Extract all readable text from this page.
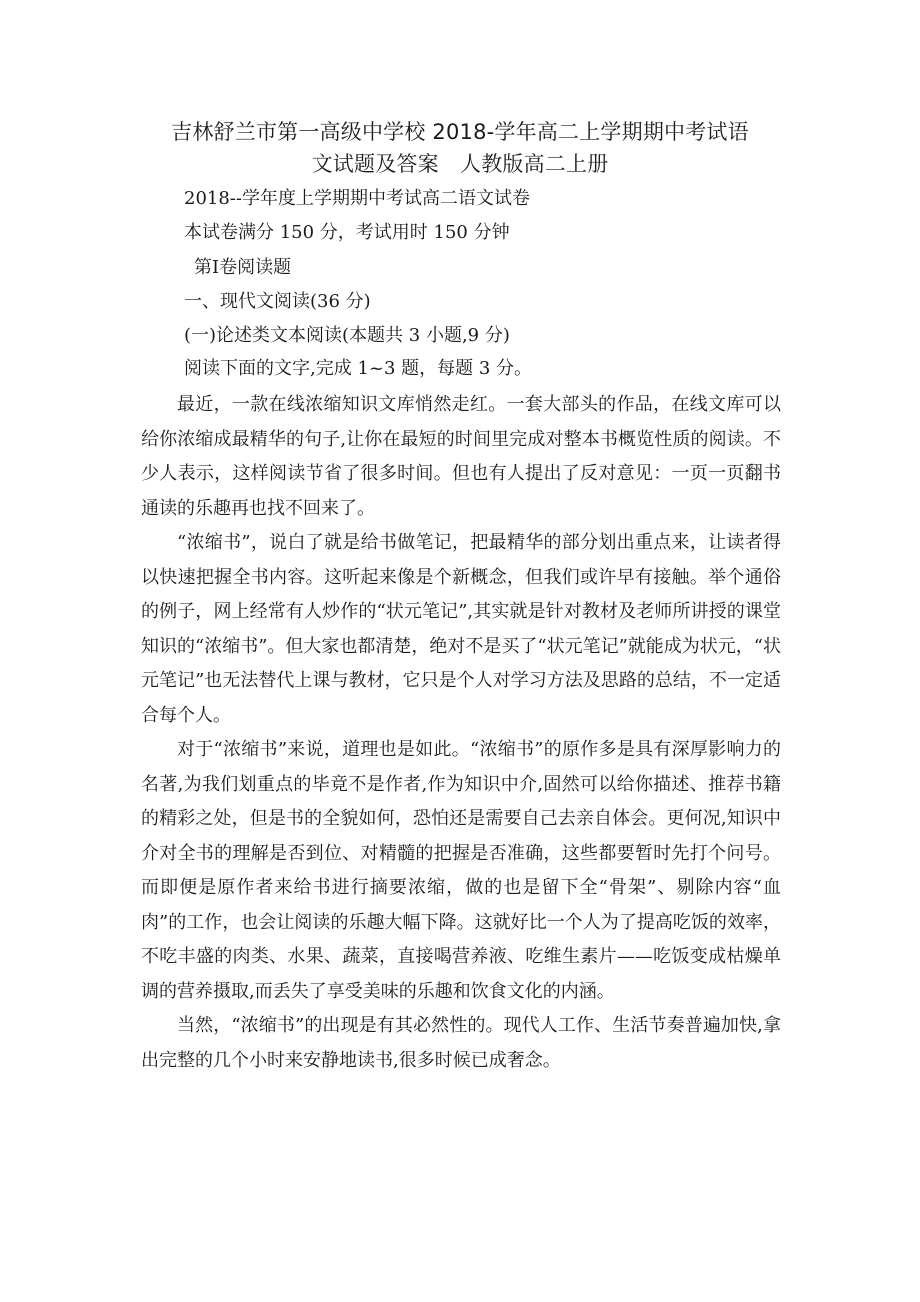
吉林舒兰市第一高级中学校 2018-学年高二上学期期中考试语
文试题及答案　人教版高二上册
2018--学年度上学期期中考试高二语文试卷
本试卷满分 150 分，考试用时 150 分钟
第Ⅰ卷阅读题
一、现代文阅读(36 分)
(一)论述类文本阅读(本题共 3 小题,9 分)
阅读下面的文字,完成 1~3 题，每题 3 分。

最近，一款在线浓缩知识文库悄然走红。一套大部头的作品，在线文库可以给你浓缩成最精华的句子,让你在最短的时间里完成对整本书概览性质的阅读。不少人表示，这样阅读节省了很多时间。但也有人提出了反对意见：一页一页翻书通读的乐趣再也找不回来了。

“浓缩书”，说白了就是给书做笔记，把最精华的部分划出重点来，让读者得以快速把握全书内容。这听起来像是个新概念，但我们或许早有接触。举个通俗的例子，网上经常有人炒作的“状元笔记”,其实就是针对教材及老师所讲授的课堂知识的“浓缩书”。但大家也都清楚，绝对不是买了“状元笔记”就能成为状元，“状元笔记”也无法替代上课与教材，它只是个人对学习方法及思路的总结，不一定适合每个人。

对于“浓缩书”来说，道理也是如此。“浓缩书”的原作多是具有深厚影响力的名著,为我们划重点的毕竟不是作者,作为知识中介,固然可以给你描述、推荐书籍的精彩之处，但是书的全貌如何，恐怕还是需要自己去亲自体会。更何况,知识中介对全书的理解是否到位、对精髓的把握是否准确，这些都要暂时先打个问号。而即便是原作者来给书进行摘要浓缩，做的也是留下全“骨架”、剔除内容“血肉”的工作，也会让阅读的乐趣大幅下降。这就好比一个人为了提高吃饭的效率，不吃丰盛的肉类、水果、蔬菜，直接喝营养液、吃维生素片——吃饭变成枯燥单调的营养摄取,而丢失了享受美味的乐趣和饮食文化的内涵。

当然，“浓缩书”的出现是有其必然性的。现代人工作、生活节奏普遍加快,拿出完整的几个小时来安静地读书,很多时候已成奢念。
